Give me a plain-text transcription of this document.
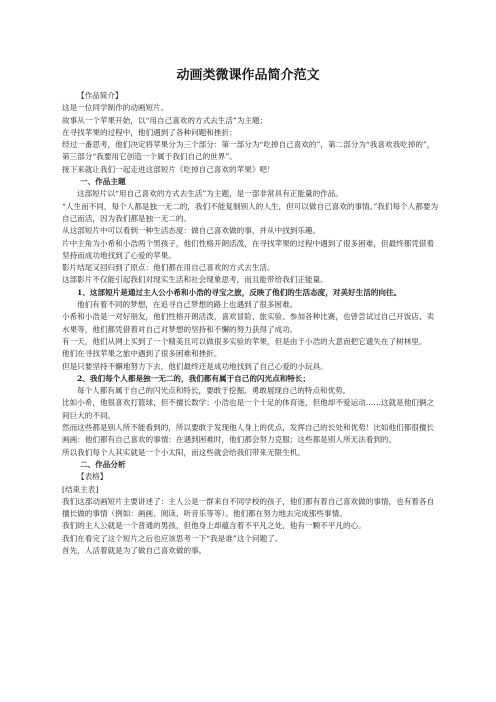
动画类微课作品简介范文

【作品简介】

这是一位同学制作的动画短片。

故事从一个苹果开始，以“用自己喜欢的方式去生活”为主题；

在寻找苹果的过程中，他们遇到了各种问题和挫折；

经过一番思考，他们决定将苹果分为三个部分：第一部分为“吃掉自己喜欢的”，第二部分为“我喜欢我吃掉的”，第三部分“我要用它创造一个属于我们自己的世界”。

接下来就让我们一起走进这部短片《吃掉自己喜欢的苹果》吧！

一、作品主题

这部短片以“用自己喜欢的方式去生活”为主题，是一部非常具有正能量的作品。

“人生而不同，每个人都是独一无二的，我们不能复制别人的人生，但可以做自己喜欢的事情。”我们每个人都要为自己而活，因为我们都是独一无二的。

从这部短片中可以看到一种生活态度：做自己喜欢做的事，并从中找到乐趣。

片中主角为小希和小浩两个男孩子，他们性格开朗活泼，在寻找苹果的过程中遇到了很多困难，但最终都凭借着坚持而成功地找到了心爱的苹果。

影片结尾又回归到了原点：他们都在用自己喜欢的方式去生活。

这部影片不仅能引起我们对现实生活和社会现象思考，而且能带给我们正能量。

1、这部短片是通过主人公小希和小浩的寻宝之旅，反映了他们的生活态度，对美好生活的向往。

他们有着不同的梦想，在追寻自己梦想的路上也遇到了很多困难。

小希和小浩是一对好朋友，他们性格开朗活泼，喜欢冒险、旅实验、参加各种比赛，也曾尝试过自己开饭店、卖水果等，他们都凭借着对自己对梦想的坚持和不懈的努力获得了成功。

有一天，他们从网上买到了一个精美且可以做很多实验的苹果，但是由于小浩的大意而把它遗失在了树林里。

他们在寻找苹果之旅中遇到了很多困难和挫折。

但是只要坚持不懈地努力下去，他们最终还是成功地找到了自己心爱的小玩具。

2、我们每个人都是独一无二的，我们都有属于自己的闪光点和特长；

每个人都有属于自己的闪光点和特长，要敢于挖掘、勇敢展现自己的特点和优势。

比如小希，他很喜欢打篮球，但不擅长数学；小浩也是一个十足的体育迷，但他却不爱运动……这就是他们俩之间巨大的不同。

然而这些都是别人所不能看到的，所以要敢于发现他人身上的优点，发挥自己的长处和优势！比如他们都很擅长画画：他们都有自己喜欢的事情：在遇到困难时，他们都会努力克服；这些都是别人所无法看到的。

所以我们每个人其实就是一个小太阳，而这些就会给我们带来无限生机。

二、作品分析

【表格】

[结束主表]

我们这部动画短片主要讲述了：主人公是一群来自不同学校的孩子，他们都有着自己喜欢做的事情，也有着各自擅长做的事情（例如：画画、阅读、听音乐等等）。他们都在努力地去完成那些事情。

我们的主人公就是一个普通的男孩，但他身上却蕴含着不平凡之处，他有一颗不平凡的心。

我们在看完了这个短片之后也应该思考一下“我是谁”这个问题了。

首先，人活着就是为了做自己喜欢做的事。
